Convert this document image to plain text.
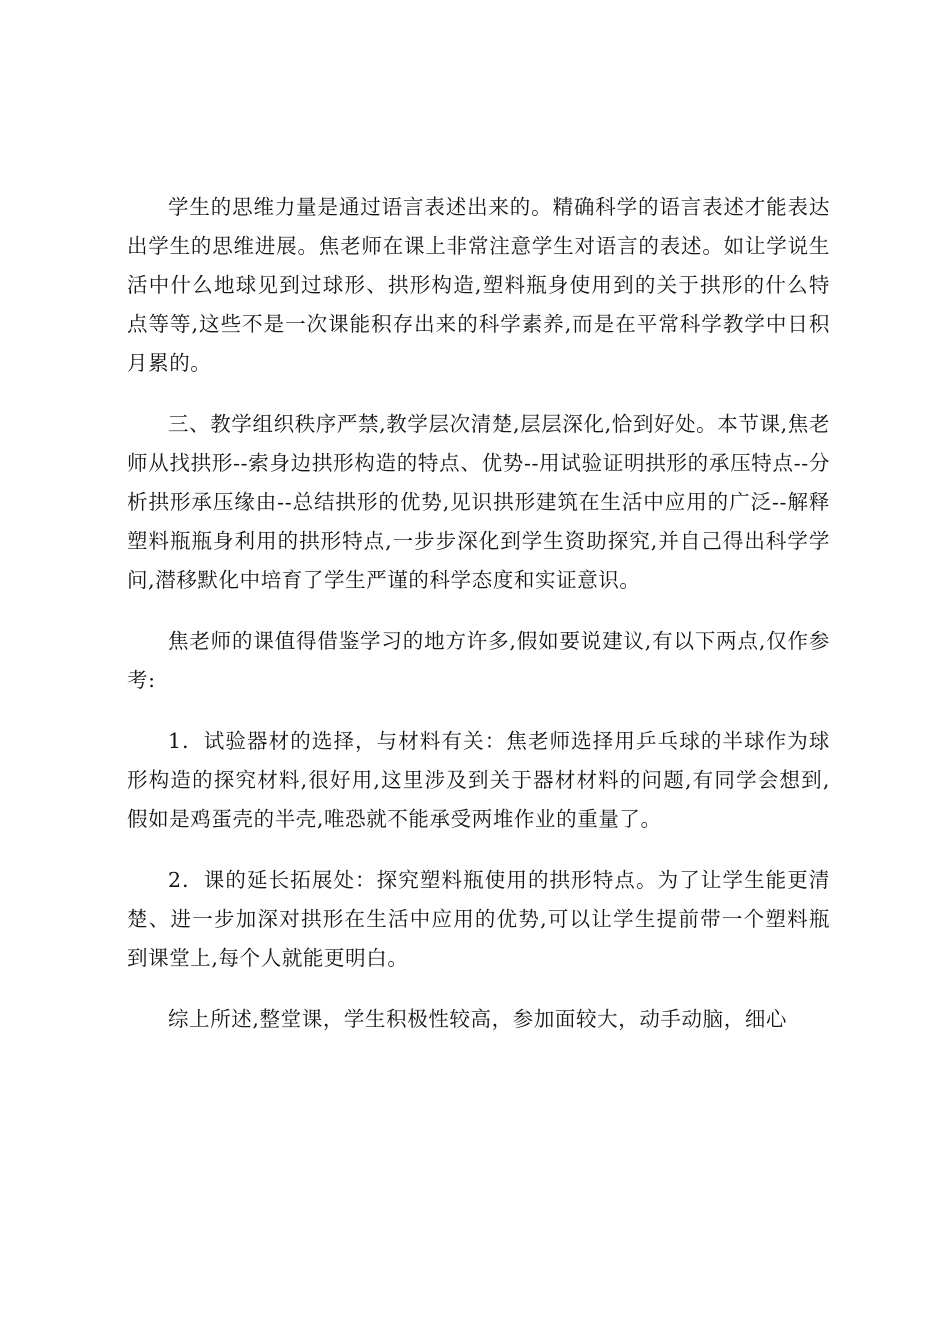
学生的思维力量是通过语言表述出来的。精确科学的语言表述才能表达出学生的思维进展。焦老师在课上非常注意学生对语言的表述。如让学说生活中什么地球见到过球形、拱形构造,塑料瓶身使用到的关于拱形的什么特点等等,这些不是一次课能积存出来的科学素养,而是在平常科学教学中日积月累的。

三、教学组织秩序严禁,教学层次清楚,层层深化,恰到好处。本节课,焦老师从找拱形--索身边拱形构造的特点、优势--用试验证明拱形的承压特点--分析拱形承压缘由--总结拱形的优势,见识拱形建筑在生活中应用的广泛--解释塑料瓶瓶身利用的拱形特点,一步步深化到学生资助探究,并自己得出科学学问,潜移默化中培育了学生严谨的科学态度和实证意识。

焦老师的课值得借鉴学习的地方许多,假如要说建议,有以下两点,仅作参考:

1．试验器材的选择，与材料有关：焦老师选择用乒乓球的半球作为球形构造的探究材料,很好用,这里涉及到关于器材材料的问题,有同学会想到,假如是鸡蛋壳的半壳,唯恐就不能承受两堆作业的重量了。

2．课的延长拓展处：探究塑料瓶使用的拱形特点。为了让学生能更清楚、进一步加深对拱形在生活中应用的优势,可以让学生提前带一个塑料瓶到课堂上,每个人就能更明白。

综上所述,整堂课，学生积极性较高，参加面较大，动手动脑，细心
